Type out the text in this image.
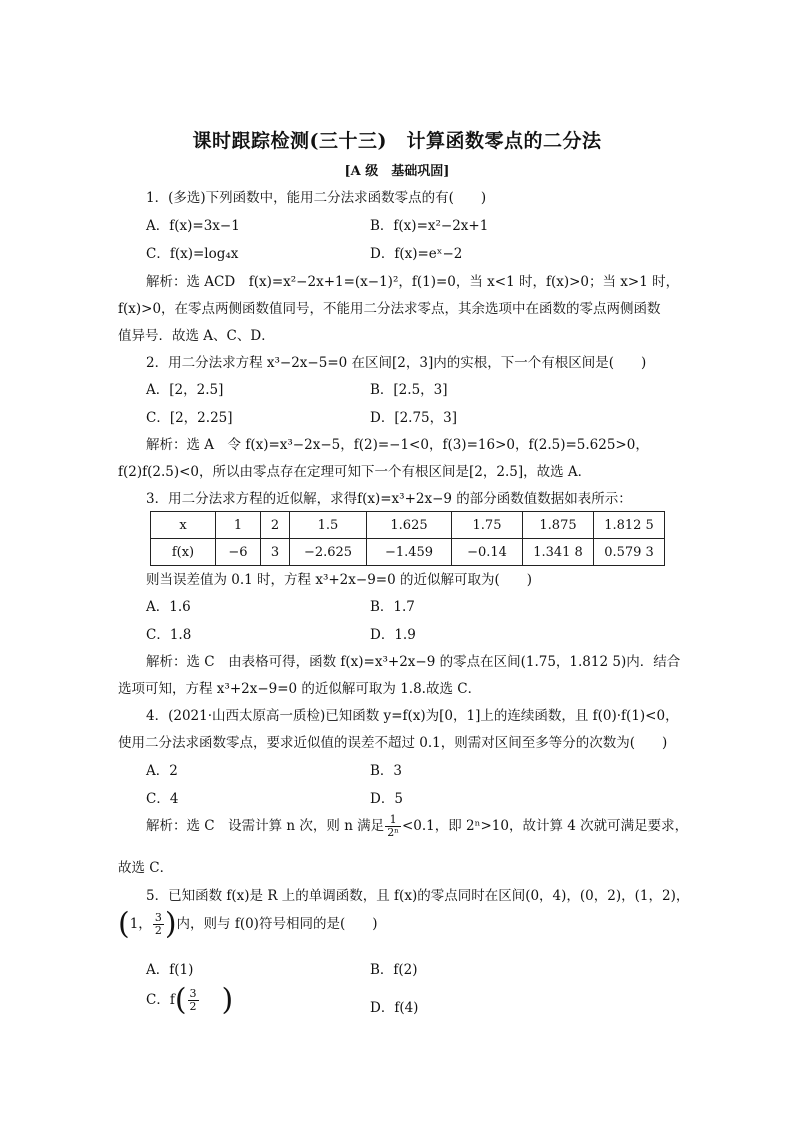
课时跟踪检测(三十三)　计算函数零点的二分法
[A 级　基础巩固]
1．(多选)下列函数中，能用二分法求函数零点的有(　　)
A．f(x)=3x−1	B．f(x)=x²−2x+1
C．f(x)=log₄x	D．f(x)=eˣ−2
解析：选 ACD　f(x)=x²−2x+1=(x−1)²，f(1)=0，当 x<1 时，f(x)>0；当 x>1 时，
f(x)>0，在零点两侧函数值同号，不能用二分法求零点，其余选项中在函数的零点两侧函数
值异号．故选 A、C、D．
2．用二分法求方程 x³−2x−5=0 在区间[2，3]内的实根，下一个有根区间是(　　)
A．[2，2.5]	B．[2.5，3]
C．[2，2.25]	D．[2.75，3]
解析：选 A　令 f(x)=x³−2x−5，f(2)=−1<0，f(3)=16>0，f(2.5)=5.625>0，
f(2)f(2.5)<0，所以由零点存在定理可知下一个有根区间是[2，2.5]，故选 A．
3．用二分法求方程的近似解，求得f(x)=x³+2x−9 的部分函数值数据如表所示：
x	1	2	1.5	1.625	1.75	1.875	1.812 5
f(x)	−6	3	−2.625	−1.459	−0.14	1.341 8	0.579 3
则当误差值为 0.1 时，方程 x³+2x−9=0 的近似解可取为(　　)
A．1.6	B．1.7
C．1.8	D．1.9
解析：选 C　由表格可得，函数 f(x)=x³+2x−9 的零点在区间(1.75，1.812 5)内．结合
选项可知，方程 x³+2x−9=0 的近似解可取为 1.8.故选 C．
4．(2021·山西太原高一质检)已知函数 y=f(x)为[0，1]上的连续函数，且 f(0)·f(1)<0，
使用二分法求函数零点，要求近似值的误差不超过 0.1，则需对区间至多等分的次数为(　　)
A．2	B．3
C．4	D．5
解析：选 C　设需计算 n 次，则 n 满足 $\frac{1}{\text{2ⁿ}} <0.1$，即 2ⁿ>10，故计算 4 次就可满足要求，
故选 C．
5．已知函数 f(x)是 R 上的单调函数，且 f(x)的零点同时在区间(0，4)，(0，2)，(1，2)，
(1， $\frac{3}{2}$ )内，则与 f(0)符号相同的是(　　)
A．f(1)	B．f(2)
C．$f( \frac{3}{2}$ )	D．f(4)
